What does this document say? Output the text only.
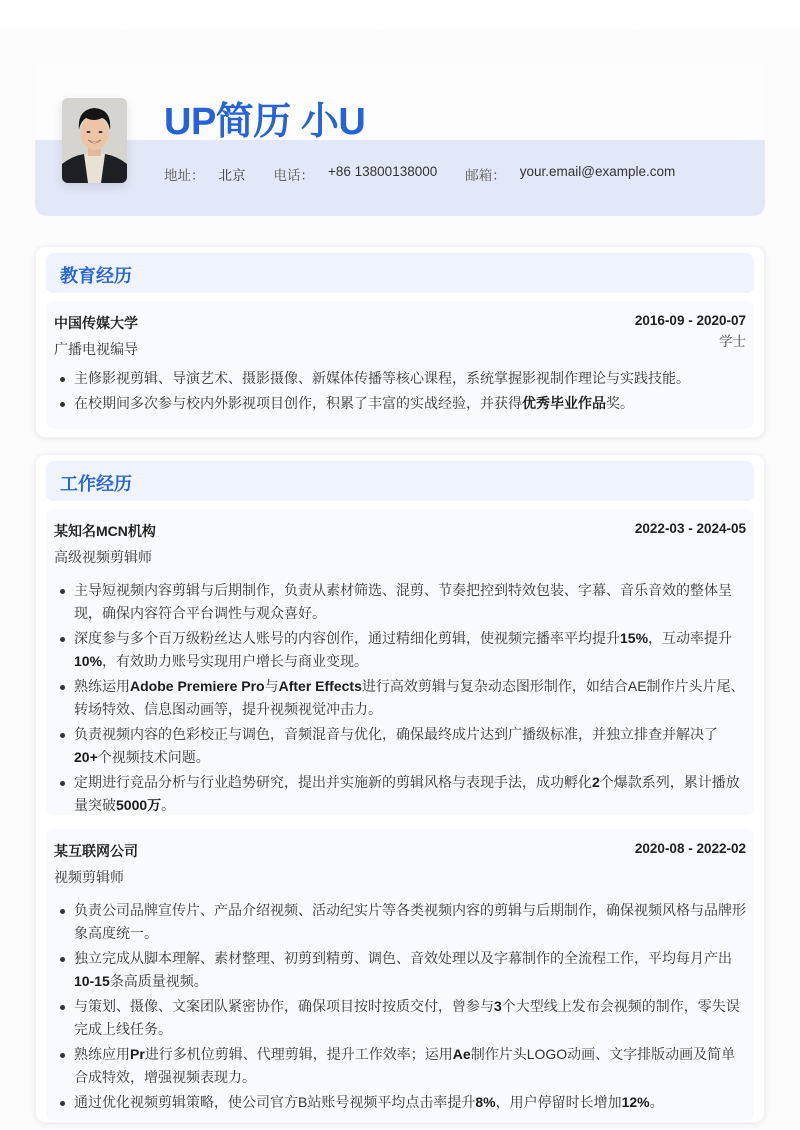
UP简历 小U
地址： 北京 电话： +86 13800138000 邮箱： your.email@example.com
教育经历
中国传媒大学
广播电视编导
2016-09 - 2020-07
学士
主修影视剪辑、导演艺术、摄影摄像、新媒体传播等核心课程，系统掌握影视制作理论与实践技能。
在校期间多次参与校内外影视项目创作，积累了丰富的实战经验，并获得优秀毕业作品奖。
工作经历
某知名MCN机构	2022-03 - 2024-05
高级视频剪辑师
主导短视频内容剪辑与后期制作，负责从素材筛选、混剪、节奏把控到特效包装、字幕、音乐音效的整体呈现，确保内容符合平台调性与观众喜好。
深度参与多个百万级粉丝达人账号的内容创作，通过精细化剪辑，使视频完播率平均提升15%，互动率提升10%，有效助力账号实现用户增长与商业变现。
熟练运用Adobe Premiere Pro与After Effects进行高效剪辑与复杂动态图形制作，如结合AE制作片头片尾、转场特效、信息图动画等，提升视频视觉冲击力。
负责视频内容的色彩校正与调色，音频混音与优化，确保最终成片达到广播级标准，并独立排查并解决了20+个视频技术问题。
定期进行竞品分析与行业趋势研究，提出并实施新的剪辑风格与表现手法，成功孵化2个爆款系列，累计播放量突破5000万。
某互联网公司	2020-08 - 2022-02
视频剪辑师
负责公司品牌宣传片、产品介绍视频、活动纪实片等各类视频内容的剪辑与后期制作，确保视频风格与品牌形象高度统一。
独立完成从脚本理解、素材整理、初剪到精剪、调色、音效处理以及字幕制作的全流程工作，平均每月产出10-15条高质量视频。
与策划、摄像、文案团队紧密协作，确保项目按时按质交付，曾参与3个大型线上发布会视频的制作，零失误完成上线任务。
熟练应用Pr进行多机位剪辑、代理剪辑，提升工作效率；运用Ae制作片头LOGO动画、文字排版动画及简单合成特效，增强视频表现力。
通过优化视频剪辑策略，使公司官方B站账号视频平均点击率提升8%，用户停留时长增加12%。
